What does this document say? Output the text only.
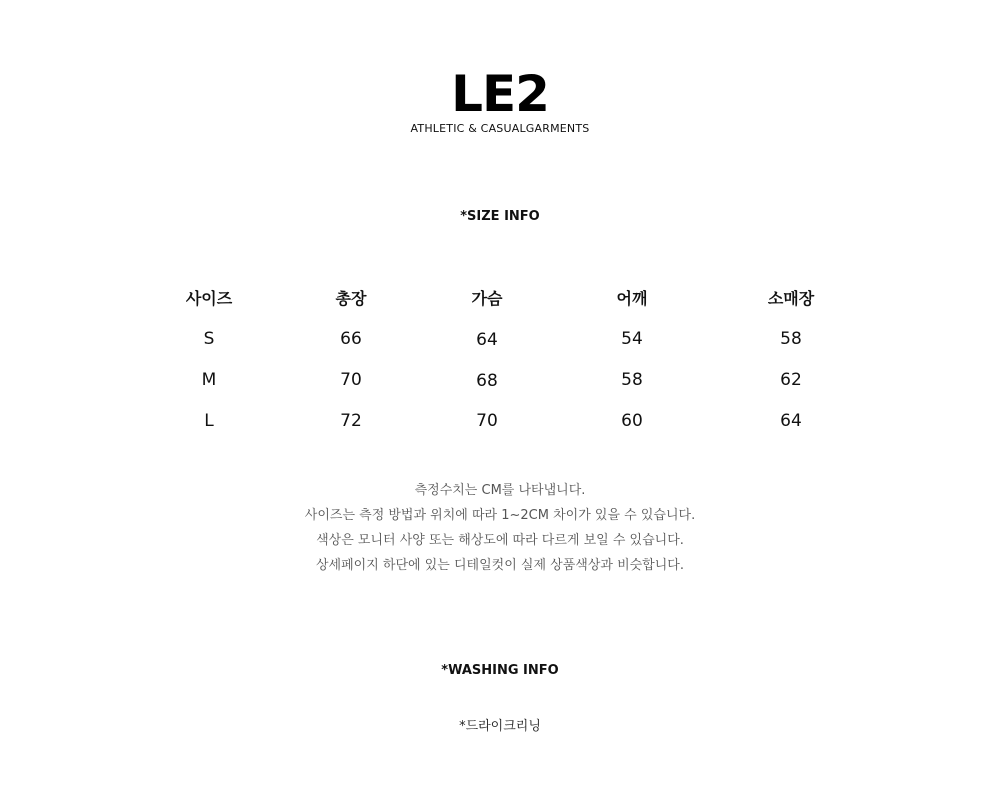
LE2
ATHLETIC & CASUALGARMENTS
*SIZE INFO
사이즈
S
M
L
총장
66
70
72
가슴
64
68
70
어깨
54
58
60
소매장
58
62
64
측정수치는 CM를 나타냅니다.
사이즈는 측정 방법과 위치에 따라 1~2CM 차이가 있을 수 있습니다.
색상은 모니터 사양 또는 해상도에 따라 다르게 보일 수 있습니다.
상세페이지 하단에 있는 디테일컷이 실제 상품색상과 비슷합니다.
*WASHING INFO
*드라이크리닝
